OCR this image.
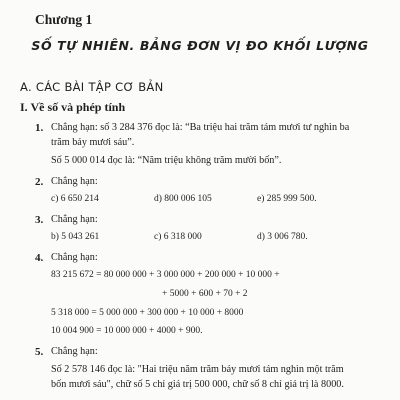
Chương 1
SỐ TỰ NHIÊN. BẢNG ĐƠN VỊ ĐO KHỐI LƯỢNG
A. CÁC BÀI TẬP CƠ BẢN
I. Về số và phép tính
1. Chẳng hạn: số 3 284 376 đọc là: “Ba triệu hai trăm tám mươi tư nghìn ba
trăm bảy mươi sáu”.
Số 5 000 014 đọc là: “Năm triệu không trăm mười bốn”.
2. Chẳng hạn:
c) 6 650 214	d) 800 006 105	e) 285 999 500.
3. Chẳng hạn:
b) 5 043 261	c) 6 318 000	d) 3 006 780.
4. Chẳng hạn:
83 215 672 = 80 000 000 + 3 000 000 + 200 000 + 10 000 +
+ 5000 + 600 + 70 + 2
5 318 000 = 5 000 000 + 300 000 + 10 000 + 8000
10 004 900 = 10 000 000 + 4000 + 900.
5. Chẳng hạn:
Số 2 578 146 đọc là: "Hai triệu năm trăm bảy mươi tám nghìn một trăm
bốn mươi sáu", chữ số 5 chỉ giá trị 500 000, chữ số 8 chỉ giá trị là 8000.
